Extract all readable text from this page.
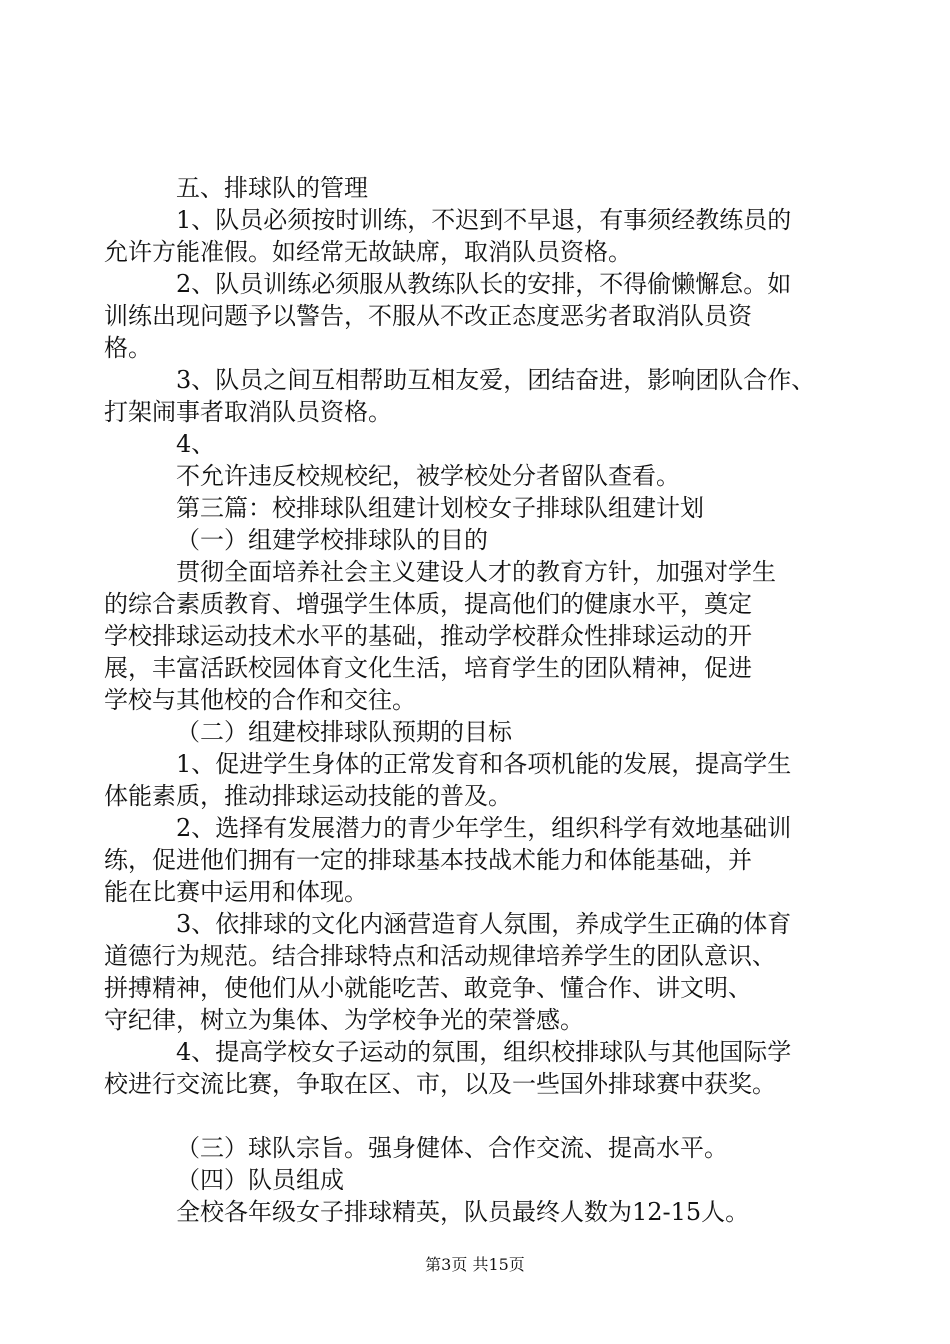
五、排球队的管理
1、队员必须按时训练，不迟到不早退，有事须经教练员的
允许方能准假。如经常无故缺席，取消队员资格。
2、队员训练必须服从教练队长的安排，不得偷懒懈怠。如
训练出现问题予以警告，不服从不改正态度恶劣者取消队员资
格。
3、队员之间互相帮助互相友爱，团结奋进，影响团队合作、
打架闹事者取消队员资格。
4、
不允许违反校规校纪，被学校处分者留队查看。
第三篇：校排球队组建计划校女子排球队组建计划
（一）组建学校排球队的目的
贯彻全面培养社会主义建设人才的教育方针，加强对学生
的综合素质教育、增强学生体质，提高他们的健康水平，奠定
学校排球运动技术水平的基础，推动学校群众性排球运动的开
展，丰富活跃校园体育文化生活，培育学生的团队精神，促进
学校与其他校的合作和交往。
（二）组建校排球队预期的目标
1、促进学生身体的正常发育和各项机能的发展，提高学生
体能素质，推动排球运动技能的普及。
2、选择有发展潜力的青少年学生，组织科学有效地基础训
练，促进他们拥有一定的排球基本技战术能力和体能基础，并
能在比赛中运用和体现。
3、依排球的文化内涵营造育人氛围，养成学生正确的体育
道德行为规范。结合排球特点和活动规律培养学生的团队意识、
拼搏精神，使他们从小就能吃苦、敢竞争、懂合作、讲文明、
守纪律，树立为集体、为学校争光的荣誉感。
4、提高学校女子运动的氛围，组织校排球队与其他国际学
校进行交流比赛，争取在区、市，以及一些国外排球赛中获奖。
（三）球队宗旨。强身健体、合作交流、提高水平。
（四）队员组成
全校各年级女子排球精英，队员最终人数为12-15人。
第3页 共15页
